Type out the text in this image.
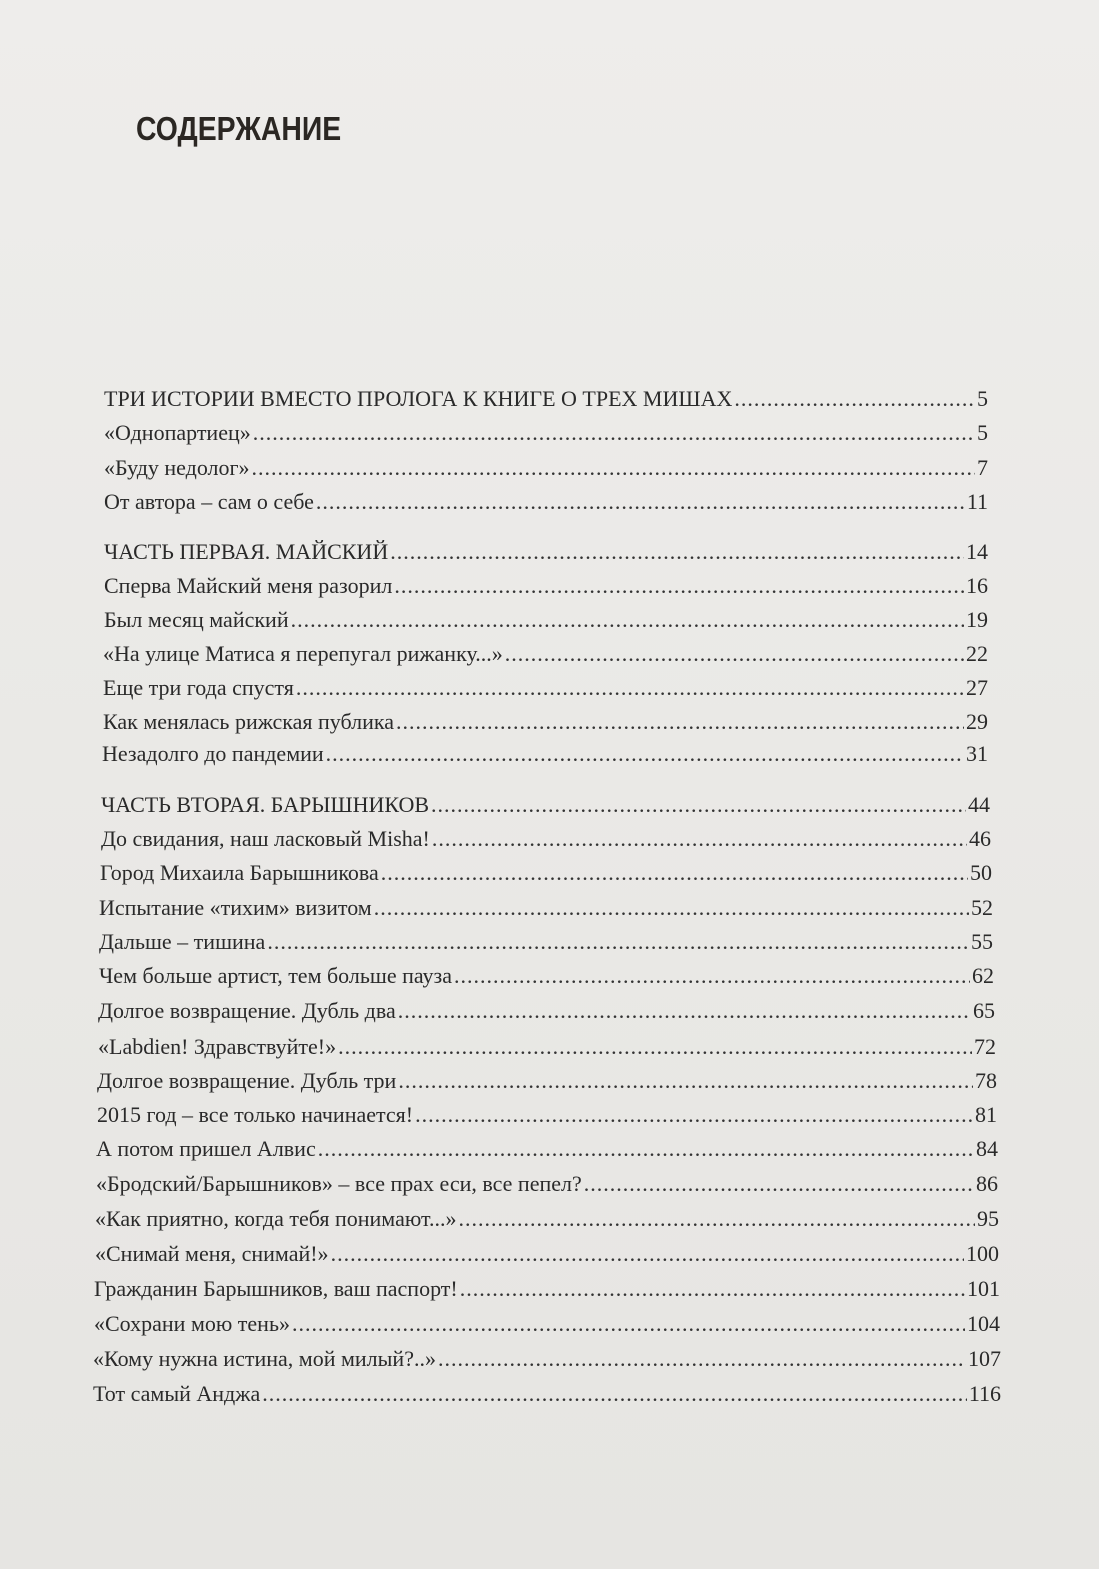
СОДЕРЖАНИЕ
ТРИ ИСТОРИИ ВМЕСТО ПРОЛОГА К КНИГЕ О ТРЕХ МИШАХ .....	5
«Однопартиец» .....	5
«Буду недолог» .....	7
От автора – сам о себе .....	11
ЧАСТЬ ПЕРВАЯ. МАЙСКИЙ .....	14
Сперва Майский меня разорил .....	16
Был месяц майский .....	19
«На улице Матиса я перепугал рижанку...» .....	22
Еще три года спустя .....	27
Как менялась рижская публика .....	29
Незадолго до пандемии .....	31
ЧАСТЬ ВТОРАЯ. БАРЫШНИКОВ .....	44
До свидания, наш ласковый Misha! .....	46
Город Михаила Барышникова .....	50
Испытание «тихим» визитом .....	52
Дальше – тишина .....	55
Чем больше артист, тем больше пауза .....	62
Долгое возвращение. Дубль два .....	65
«Labdien! Здравствуйте!» .....	72
Долгое возвращение. Дубль три .....	78
2015 год – все только начинается! .....	81
А потом пришел Алвис .....	84
«Бродский/Барышников» – все прах еси, все пепел? .....	86
«Как приятно, когда тебя понимают...» .....	95
«Снимай меня, снимай!» .....	100
Гражданин Барышников, ваш паспорт! .....	101
«Сохрани мою тень» .....	104
«Кому нужна истина, мой милый?..» .....	107
Тот самый Анджа .....	116
